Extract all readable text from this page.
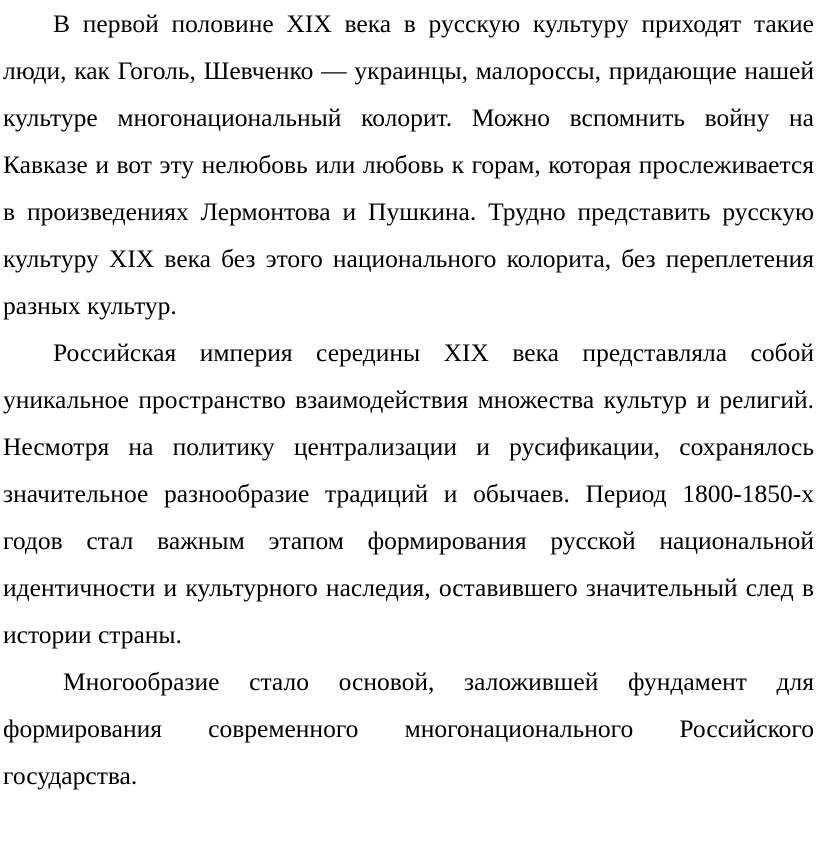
В первой половине XIX века в русскую культуру приходят такие люди, как Гоголь, Шевченко — украинцы, малороссы, придающие нашей культуре многонациональный колорит. Можно вспомнить войну на Кавказе и вот эту нелюбовь или любовь к горам, которая прослеживается в произведениях Лермонтова и Пушкина. Трудно представить русскую культуру XIX века без этого национального колорита, без переплетения разных культур.

Российская империя середины XIX века представляла собой уникальное пространство взаимодействия множества культур и религий. Несмотря на политику централизации и русификации, сохранялось значительное разнообразие традиций и обычаев. Период 1800-1850-х годов стал важным этапом формирования русской национальной идентичности и культурного наследия, оставившего значительный след в истории страны.

Многообразие стало основой, заложившей фундамент для формирования современного многонационального Российского государства.
